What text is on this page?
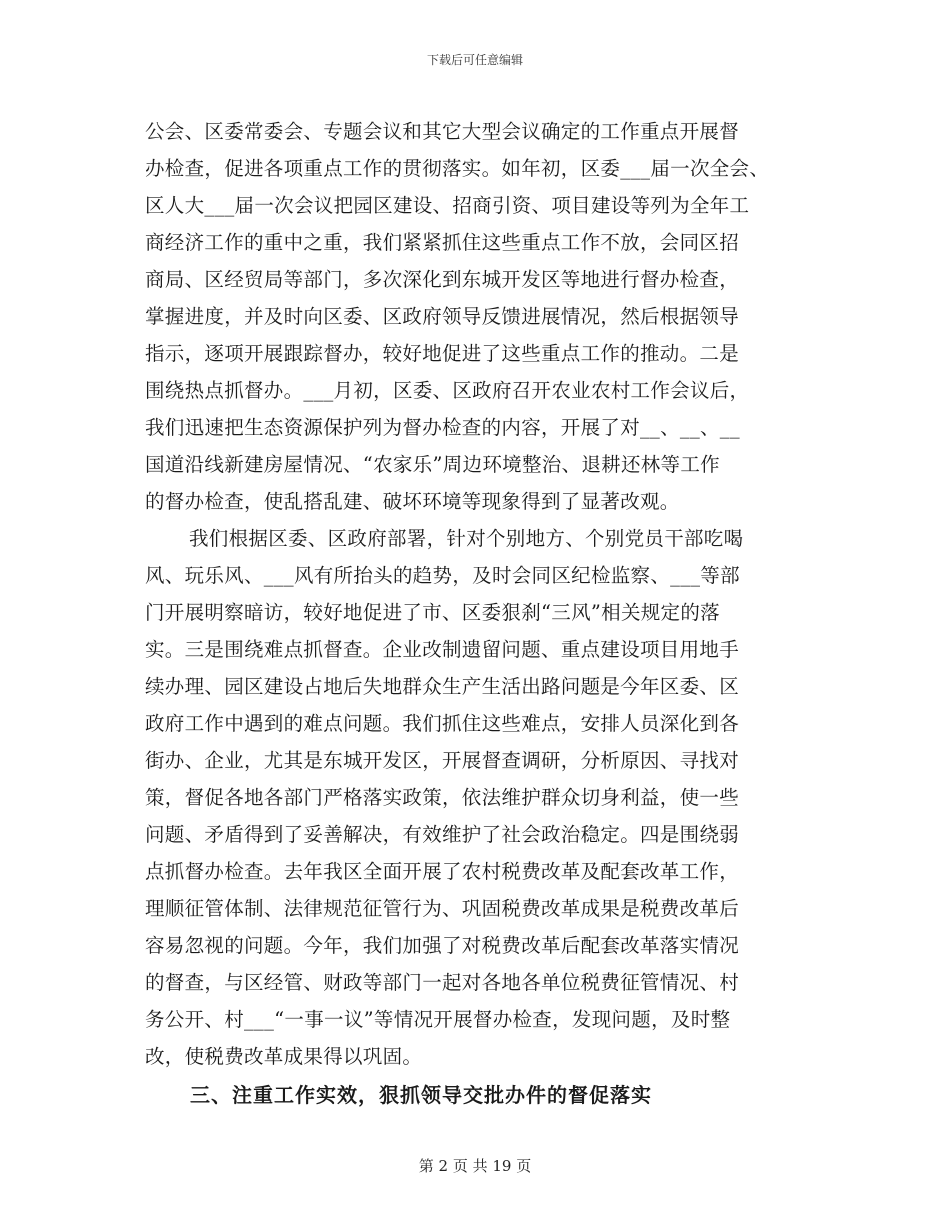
下载后可任意编辑
公会、区委常委会、专题会议和其它大型会议确定的工作重点开展督
办检查，促进各项重点工作的贯彻落实。如年初，区委___届一次全会、
区人大___届一次会议把园区建设、招商引资、项目建设等列为全年工
商经济工作的重中之重，我们紧紧抓住这些重点工作不放，会同区招
商局、区经贸局等部门，多次深化到东城开发区等地进行督办检查，
掌握进度，并及时向区委、区政府领导反馈进展情况，然后根据领导
指示，逐项开展跟踪督办，较好地促进了这些重点工作的推动。二是
围绕热点抓督办。___月初，区委、区政府召开农业农村工作会议后，
我们迅速把生态资源保护列为督办检查的内容，开展了对__、__、__
国道沿线新建房屋情况、“农家乐”周边环境整治、退耕还林等工作
的督办检查，使乱搭乱建、破坏环境等现象得到了显著改观。
我们根据区委、区政府部署，针对个别地方、个别党员干部吃喝
风、玩乐风、___风有所抬头的趋势，及时会同区纪检监察、___等部
门开展明察暗访，较好地促进了市、区委狠刹“三风”相关规定的落
实。三是围绕难点抓督查。企业改制遗留问题、重点建设项目用地手
续办理、园区建设占地后失地群众生产生活出路问题是今年区委、区
政府工作中遇到的难点问题。我们抓住这些难点，安排人员深化到各
街办、企业，尤其是东城开发区，开展督查调研，分析原因、寻找对
策，督促各地各部门严格落实政策，依法维护群众切身利益，使一些
问题、矛盾得到了妥善解决，有效维护了社会政治稳定。四是围绕弱
点抓督办检查。去年我区全面开展了农村税费改革及配套改革工作，
理顺征管体制、法律规范征管行为、巩固税费改革成果是税费改革后
容易忽视的问题。今年，我们加强了对税费改革后配套改革落实情况
的督查，与区经管、财政等部门一起对各地各单位税费征管情况、村
务公开、村___“一事一议”等情况开展督办检查，发现问题，及时整
改，使税费改革成果得以巩固。
三、注重工作实效，狠抓领导交批办件的督促落实
第 2 页 共 19 页
